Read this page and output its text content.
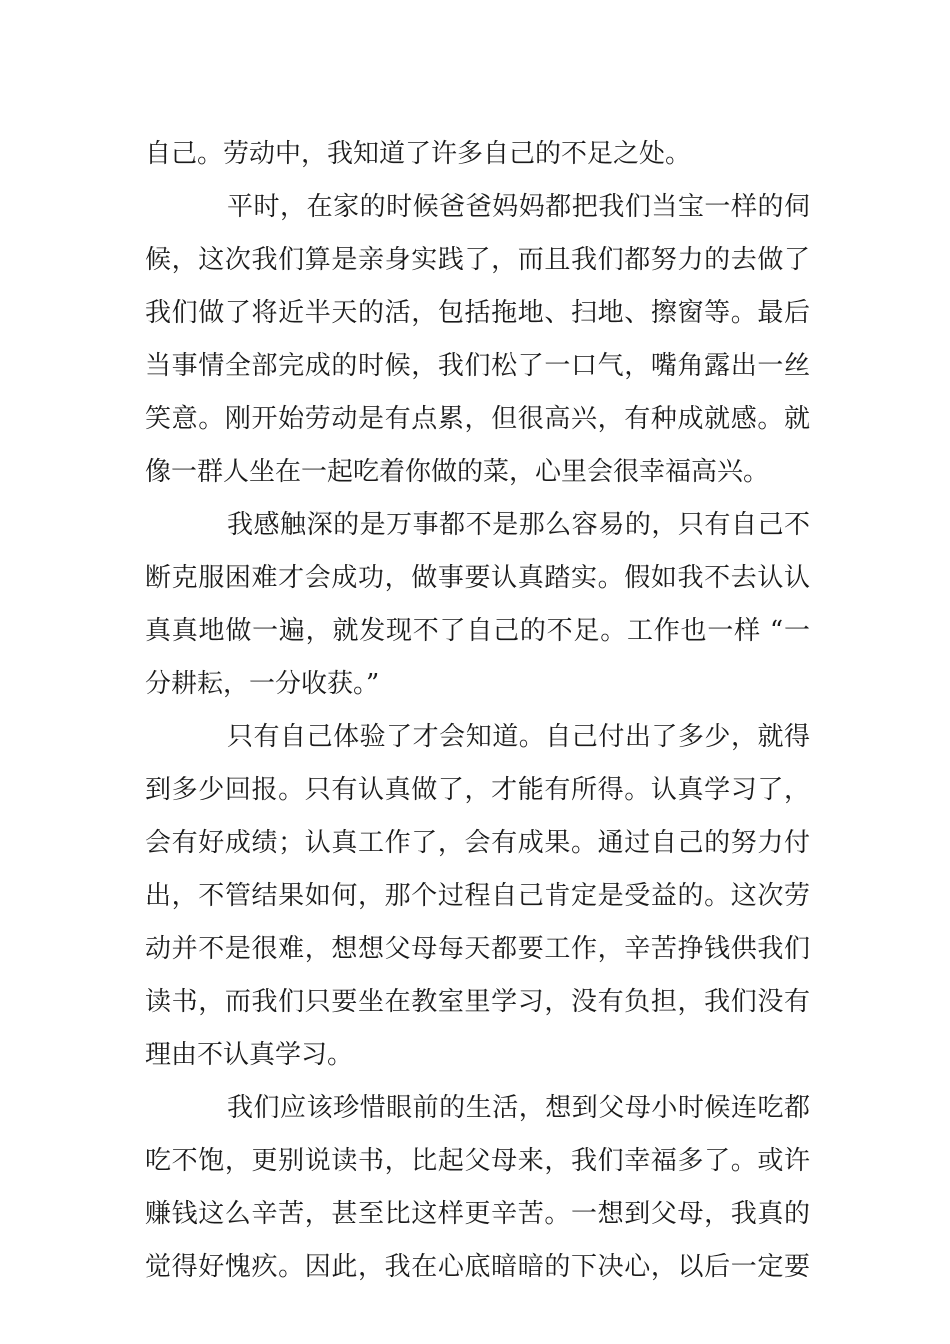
自己。劳动中，我知道了许多自己的不足之处。

平时，在家的时候爸爸妈妈都把我们当宝一样的伺
候，这次我们算是亲身实践了，而且我们都努力的去做了
我们做了将近半天的活，包括拖地、扫地、擦窗等。最后
当事情全部完成的时候，我们松了一口气，嘴角露出一丝
笑意。刚开始劳动是有点累，但很高兴，有种成就感。就
像一群人坐在一起吃着你做的菜，心里会很幸福高兴。

我感触深的是万事都不是那么容易的，只有自己不
断克服困难才会成功，做事要认真踏实。假如我不去认认
真真地做一遍，就发现不了自己的不足。工作也一样 “一
分耕耘，一分收获。”

只有自己体验了才会知道。自己付出了多少，就得
到多少回报。只有认真做了，才能有所得。认真学习了，
会有好成绩；认真工作了，会有成果。通过自己的努力付
出，不管结果如何，那个过程自己肯定是受益的。这次劳
动并不是很难，想想父母每天都要工作，辛苦挣钱供我们
读书，而我们只要坐在教室里学习，没有负担，我们没有
理由不认真学习。

我们应该珍惜眼前的生活，想到父母小时候连吃都
吃不饱，更别说读书，比起父母来，我们幸福多了。或许
赚钱这么辛苦，甚至比这样更辛苦。一想到父母，我真的
觉得好愧疚。因此，我在心底暗暗的下决心，以后一定要
